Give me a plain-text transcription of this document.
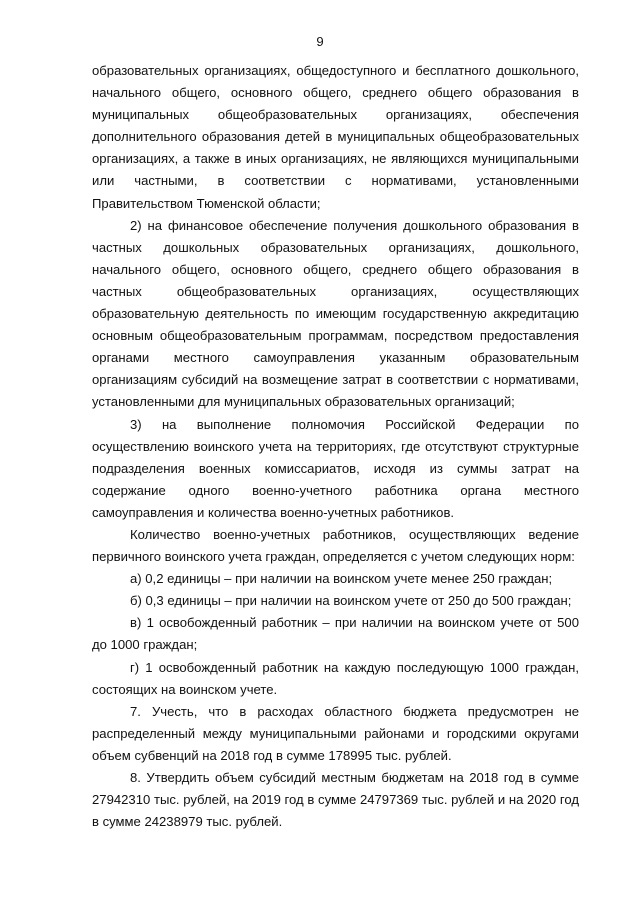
9

образовательных организациях, общедоступного и бесплатного дошкольного, начального общего, основного общего, среднего общего образования в муниципальных общеобразовательных организациях, обеспечения дополнительного образования детей в муниципальных общеобразовательных организациях, а также в иных организациях, не являющихся муниципальными или частными, в соответствии с нормативами, установленными Правительством Тюменской области;

2) на финансовое обеспечение получения дошкольного образования в частных дошкольных образовательных организациях, дошкольного, начального общего, основного общего, среднего общего образования в частных общеобразовательных организациях, осуществляющих образовательную деятельность по имеющим государственную аккредитацию основным общеобразовательным программам, посредством предоставления органами местного самоуправления указанным образовательным организациям субсидий на возмещение затрат в соответствии с нормативами, установленными для муниципальных образовательных организаций;

3) на выполнение полномочия Российской Федерации по осуществлению воинского учета на территориях, где отсутствуют структурные подразделения военных комиссариатов, исходя из суммы затрат на содержание одного военно-учетного работника органа местного самоуправления и количества военно-учетных работников.

Количество военно-учетных работников, осуществляющих ведение первичного воинского учета граждан, определяется с учетом следующих норм:

а) 0,2 единицы – при наличии на воинском учете менее 250 граждан;

б) 0,3 единицы – при наличии на воинском учете от 250 до 500 граждан;

в) 1 освобожденный работник – при наличии на воинском учете от 500 до 1000 граждан;

г) 1 освобожденный работник на каждую последующую 1000 граждан, состоящих на воинском учете.

7. Учесть, что в расходах областного бюджета предусмотрен не распределенный между муниципальными районами и городскими округами объем субвенций на 2018 год в сумме 178995 тыс. рублей.

8. Утвердить объем субсидий местным бюджетам на 2018 год в сумме 27942310 тыс. рублей, на 2019 год в сумме 24797369 тыс. рублей и на 2020 год в сумме 24238979 тыс. рублей.
